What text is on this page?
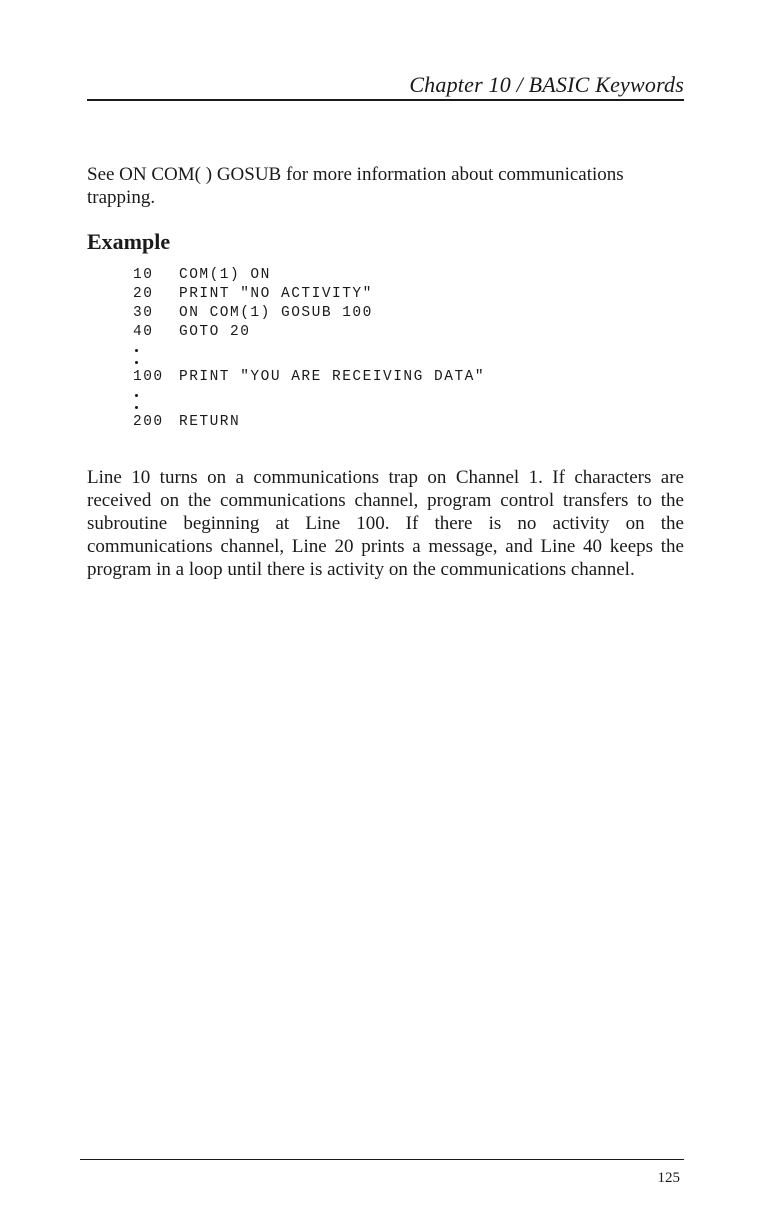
Chapter 10 / BASIC Keywords

See ON COM( ) GOSUB for more information about communications trapping.

Example
10 COM(1) ON
20 PRINT "NO ACTIVITY"
30 ON COM(1) GOSUB 100
40 GOTO 20
100 PRINT "YOU ARE RECEIVING DATA"
200 RETURN

Line 10 turns on a communications trap on Channel 1. If characters are received on the communications channel, program control transfers to the subroutine beginning at Line 100. If there is no activity on the communications channel, Line 20 prints a message, and Line 40 keeps the program in a loop until there is activity on the communications channel.

125
